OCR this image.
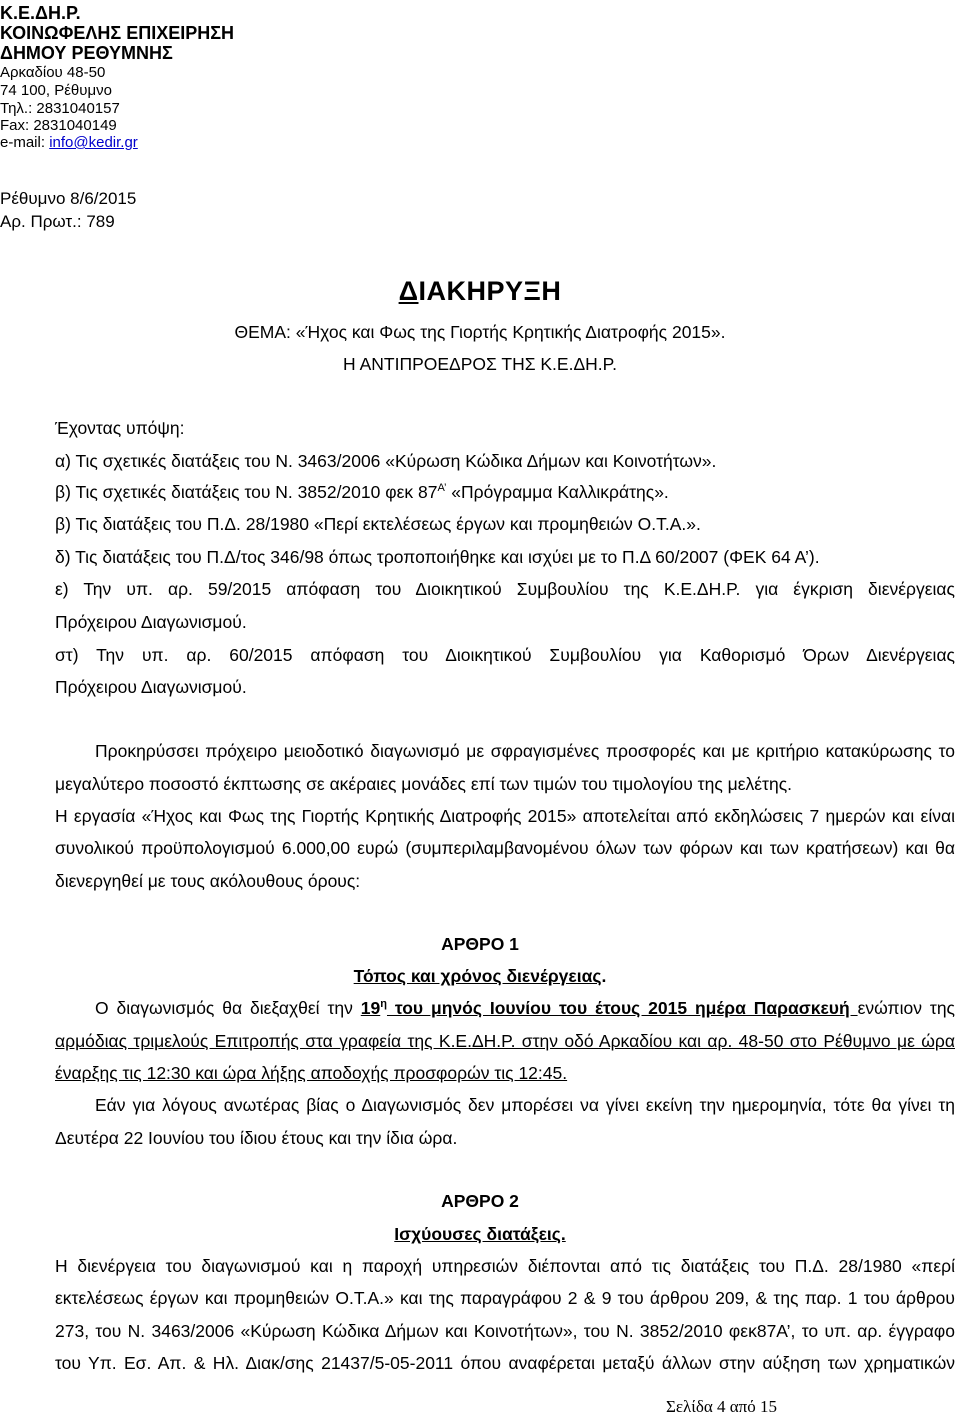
Κ.Ε.ΔΗ.Ρ.
ΚΟΙΝΩΦΕΛΗΣ ΕΠΙΧΕΙΡΗΣΗ
ΔΗΜΟΥ ΡΕΘΥΜΝΗΣ
Αρκαδίου 48-50
74 100, Ρέθυμνο
Τηλ.: 2831040157
Fax: 2831040149
e-mail: info@kedir.gr
Ρέθυμνο 8/6/2015
Αρ. Πρωτ.: 789
ΔΙΑΚΗΡΥΞΗ
ΘΕΜΑ: «Ήχος και Φως της Γιορτής Κρητικής Διατροφής 2015».
Η ΑΝΤΙΠΡΟΕΔΡΟΣ ΤΗΣ Κ.Ε.ΔΗ.Ρ.
Έχοντας υπόψη:
α) Τις σχετικές διατάξεις του Ν. 3463/2006 «Κύρωση Κώδικα Δήμων και Κοινοτήτων».
β) Τις σχετικές διατάξεις του Ν. 3852/2010 φεκ $87^{A’}$ «Πρόγραμμα Καλλικράτης».
β) Τις διατάξεις του Π.Δ. 28/1980 «Περί εκτελέσεως έργων και προμηθειών Ο.Τ.Α.».
δ) Τις διατάξεις του Π.Δ/τος 346/98 όπως τροποποιήθηκε και ισχύει με το Π.Δ 60/2007 (ΦΕΚ 64 Α’).
ε) Την υπ. αρ. 59/2015 απόφαση του Διοικητικού Συμβουλίου της Κ.Ε.ΔΗ.Ρ. για έγκριση διενέργειας
Πρόχειρου Διαγωνισμού.
στ) Την υπ. αρ. 60/2015 απόφαση του Διοικητικού Συμβουλίου για Καθορισμό Όρων Διενέργειας
Πρόχειρου Διαγωνισμού.
Προκηρύσσει πρόχειρο μειοδοτικό διαγωνισμό με σφραγισμένες προσφορές και με κριτήριο κατακύρωσης το
μεγαλύτερο ποσοστό έκπτωσης σε ακέραιες μονάδες επί των τιμών του τιμολογίου της μελέτης.
Η εργασία «Ήχος και Φως της Γιορτής Κρητικής Διατροφής 2015» αποτελείται από εκδηλώσεις 7 ημερών και είναι
συνολικού προϋπολογισμού 6.000,00 ευρώ (συμπεριλαμβανομένου όλων των φόρων και των κρατήσεων) και θα
διενεργηθεί με τους ακόλουθους όρους:
ΑΡΘΡΟ 1
Τόπος και χρόνος διενέργειας.
Ο διαγωνισμός θα διεξαχθεί την $19^\eta$ του μηνός Ιουνίου του έτους 2015 ημέρα Παρασκευή ενώπιον της
αρμόδιας τριμελούς Επιτροπής στα γραφεία της Κ.Ε.ΔΗ.Ρ. στην οδό Αρκαδίου και αρ. 48-50 στο Ρέθυμνο με ώρα
έναρξης τις 12:30 και ώρα λήξης αποδοχής προσφορών τις 12:45.
Εάν για λόγους ανωτέρας βίας ο Διαγωνισμός δεν μπορέσει να γίνει εκείνη την ημερομηνία, τότε θα γίνει τη
Δευτέρα 22 Ιουνίου του ίδιου έτους και την ίδια ώρα.
ΑΡΘΡΟ 2
Ισχύουσες διατάξεις.
Η διενέργεια του διαγωνισμού και η παροχή υπηρεσιών διέπονται από τις διατάξεις του Π.Δ. 28/1980 «περί
εκτελέσεως έργων και προμηθειών Ο.Τ.Α.» και της παραγράφου 2 & 9 του άρθρου 209, & της παρ. 1 του άρθρου
273, του Ν. 3463/2006 «Κύρωση Κώδικα Δήμων και Κοινοτήτων», του Ν. 3852/2010 φεκ87Α’, το υπ. αρ. έγγραφο
του Υπ. Εσ. Απ. & Ηλ. Διακ/σης 21437/5-05-2011 όπου αναφέρεται μεταξύ άλλων στην αύξηση των χρηματικών
Σελίδα 4 από 15
